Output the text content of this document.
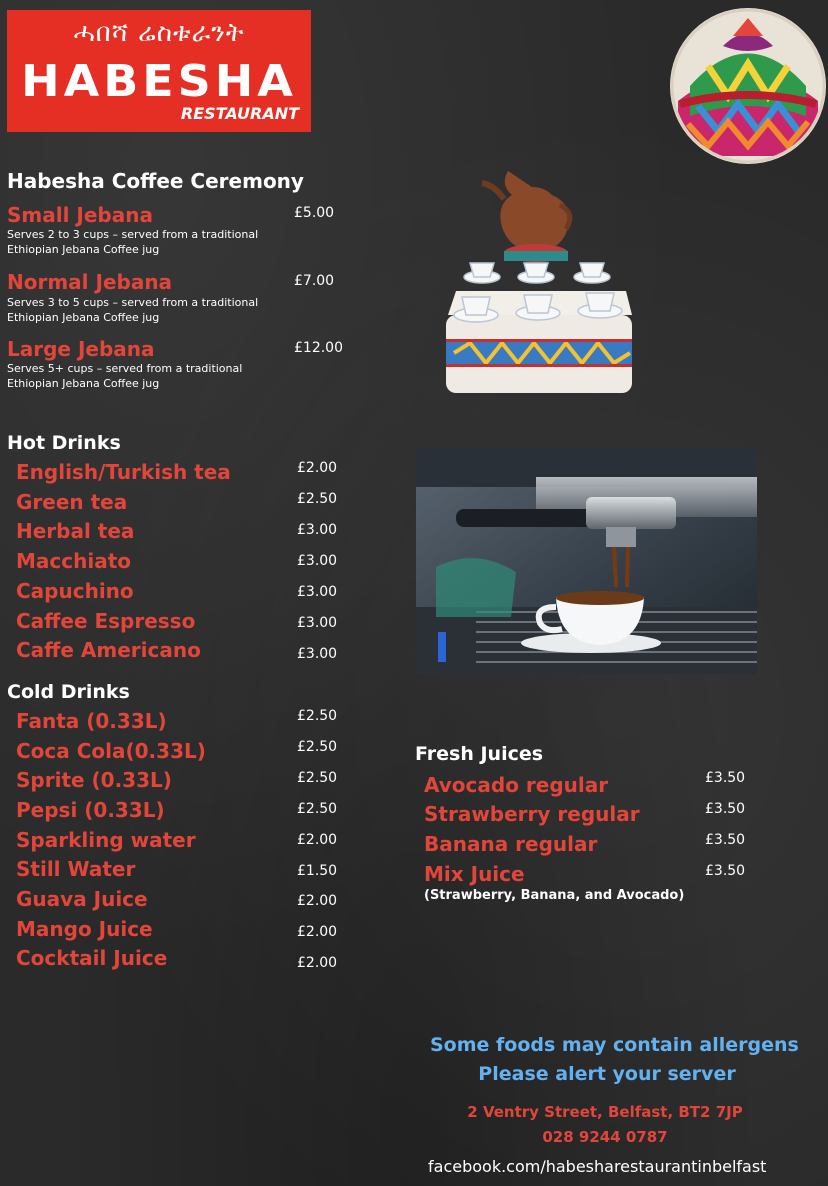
ሓበሻ ሬስቱራንት
HABESHA
RESTAURANT
Habesha Coffee Ceremony
Small Jebana	£5.00
Serves 2 to 3 cups – served from a traditional
Ethiopian Jebana Coffee jug
Normal Jebana	£7.00
Serves 3 to 5 cups – served from a traditional
Ethiopian Jebana Coffee jug
Large Jebana	£12.00
Serves 5+ cups – served from a traditional
Ethiopian Jebana Coffee jug
Hot Drinks
English/Turkish tea	£2.00
Green tea	£2.50
Herbal tea	£3.00
Macchiato	£3.00
Capuchino	£3.00
Caffee Espresso	£3.00
Caffe Americano	£3.00
Cold Drinks
Fanta (0.33L)	£2.50
Coca Cola(0.33L)	£2.50
Sprite (0.33L)	£2.50
Pepsi (0.33L)	£2.50
Sparkling water	£2.00
Still Water	£1.50
Guava Juice	£2.00
Mango Juice	£2.00
Cocktail Juice	£2.00
Fresh Juices
Avocado regular	£3.50
Strawberry regular	£3.50
Banana regular	£3.50
Mix Juice	£3.50
(Strawberry, Banana, and Avocado)
Some foods may contain allergens
Please alert your server
2 Ventry Street, Belfast, BT2 7JP
028 9244 0787
facebook.com/habesharestaurantinbelfast
